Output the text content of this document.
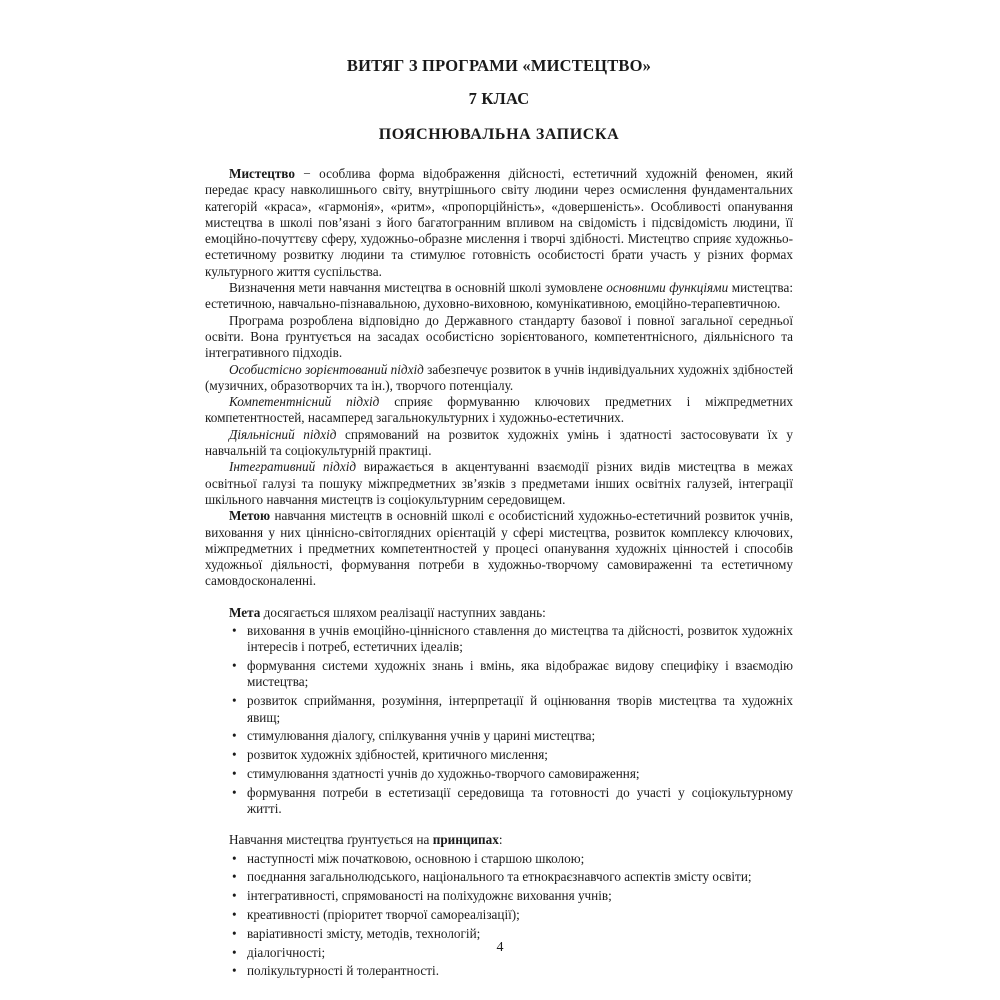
ВИТЯГ З ПРОГРАМИ «МИСТЕЦТВО»
7 КЛАС
ПОЯСНЮВАЛЬНА ЗАПИСКА

Мистецтво − особлива форма відображення дійсності, естетичний художній феномен, який передає красу навколишнього світу, внутрішнього світу людини через осмислення фундаментальних категорій «краса», «гармонія», «ритм», «пропорційність», «довершеність». Особливості опанування мистецтва в школі пов’язані з його багатогранним впливом на свідомість і підсвідомість людини, її емоційно-почуттєву сферу, художньо-образне мислення і творчі здібності. Мистецтво сприяє художньо-естетичному розвитку людини та стимулює готовність особистості брати участь у різних формах культурного життя суспільства.

Визначення мети навчання мистецтва в основній школі зумовлене основними функціями мистецтва: естетичною, навчально-пізнавальною, духовно-виховною, комунікативною, емоційно-терапевтичною.

Програма розроблена відповідно до Державного стандарту базової і повної загальної середньої освіти. Вона ґрунтується на засадах особистісно зорієнтованого, компетентнісного, діяльнісного та інтегративного підходів.

Особистісно зорієнтований підхід забезпечує розвиток в учнів індивідуальних художніх здібностей (музичних, образотворчих та ін.), творчого потенціалу.

Компетентнісний підхід сприяє формуванню ключових предметних і міжпредметних компетентностей, насамперед загальнокультурних і художньо-естетичних.

Діяльнісний підхід спрямований на розвиток художніх умінь і здатності застосовувати їх у навчальній та соціокультурній практиці.

Інтегративний підхід виражається в акцентуванні взаємодії різних видів мистецтва в межах освітньої галузі та пошуку міжпредметних зв’язків з предметами інших освітніх галузей, інтеграції шкільного навчання мистецтв із соціокультурним середовищем.

Метою навчання мистецтв в основній школі є особистісний художньо-естетичний розвиток учнів, виховання у них ціннісно-світоглядних орієнтацій у сфері мистецтва, розвиток комплексу ключових, міжпредметних і предметних компетентностей у процесі опанування художніх цінностей і способів художньої діяльності, формування потреби в художньо-творчому самовираженні та естетичному самовдосконаленні.

Мета досягається шляхом реалізації наступних завдань:

• виховання в учнів емоційно-ціннісного ставлення до мистецтва та дійсності, розвиток художніх інтересів і потреб, естетичних ідеалів;
• формування системи художніх знань і вмінь, яка відображає видову специфіку і взаємодію мистецтва;
• розвиток сприймання, розуміння, інтерпретації й оцінювання творів мистецтва та художніх явищ;
• стимулювання діалогу, спілкування учнів у царині мистецтва;
• розвиток художніх здібностей, критичного мислення;
• стимулювання здатності учнів до художньо-творчого самовираження;
• формування потреби в естетизації середовища та готовності до участі у соціокультурному житті.

Навчання мистецтва ґрунтується на принципах:

• наступності між початковою, основною і старшою школою;
• поєднання загальнолюдського, національного та етнокраєзнавчого аспектів змісту освіти;
• інтегративності, спрямованості на поліхудожнє виховання учнів;
• креативності (пріоритет творчої самореалізації);
• варіативності змісту, методів, технологій;
• діалогічності;
• полікультурності й толерантності.
4
